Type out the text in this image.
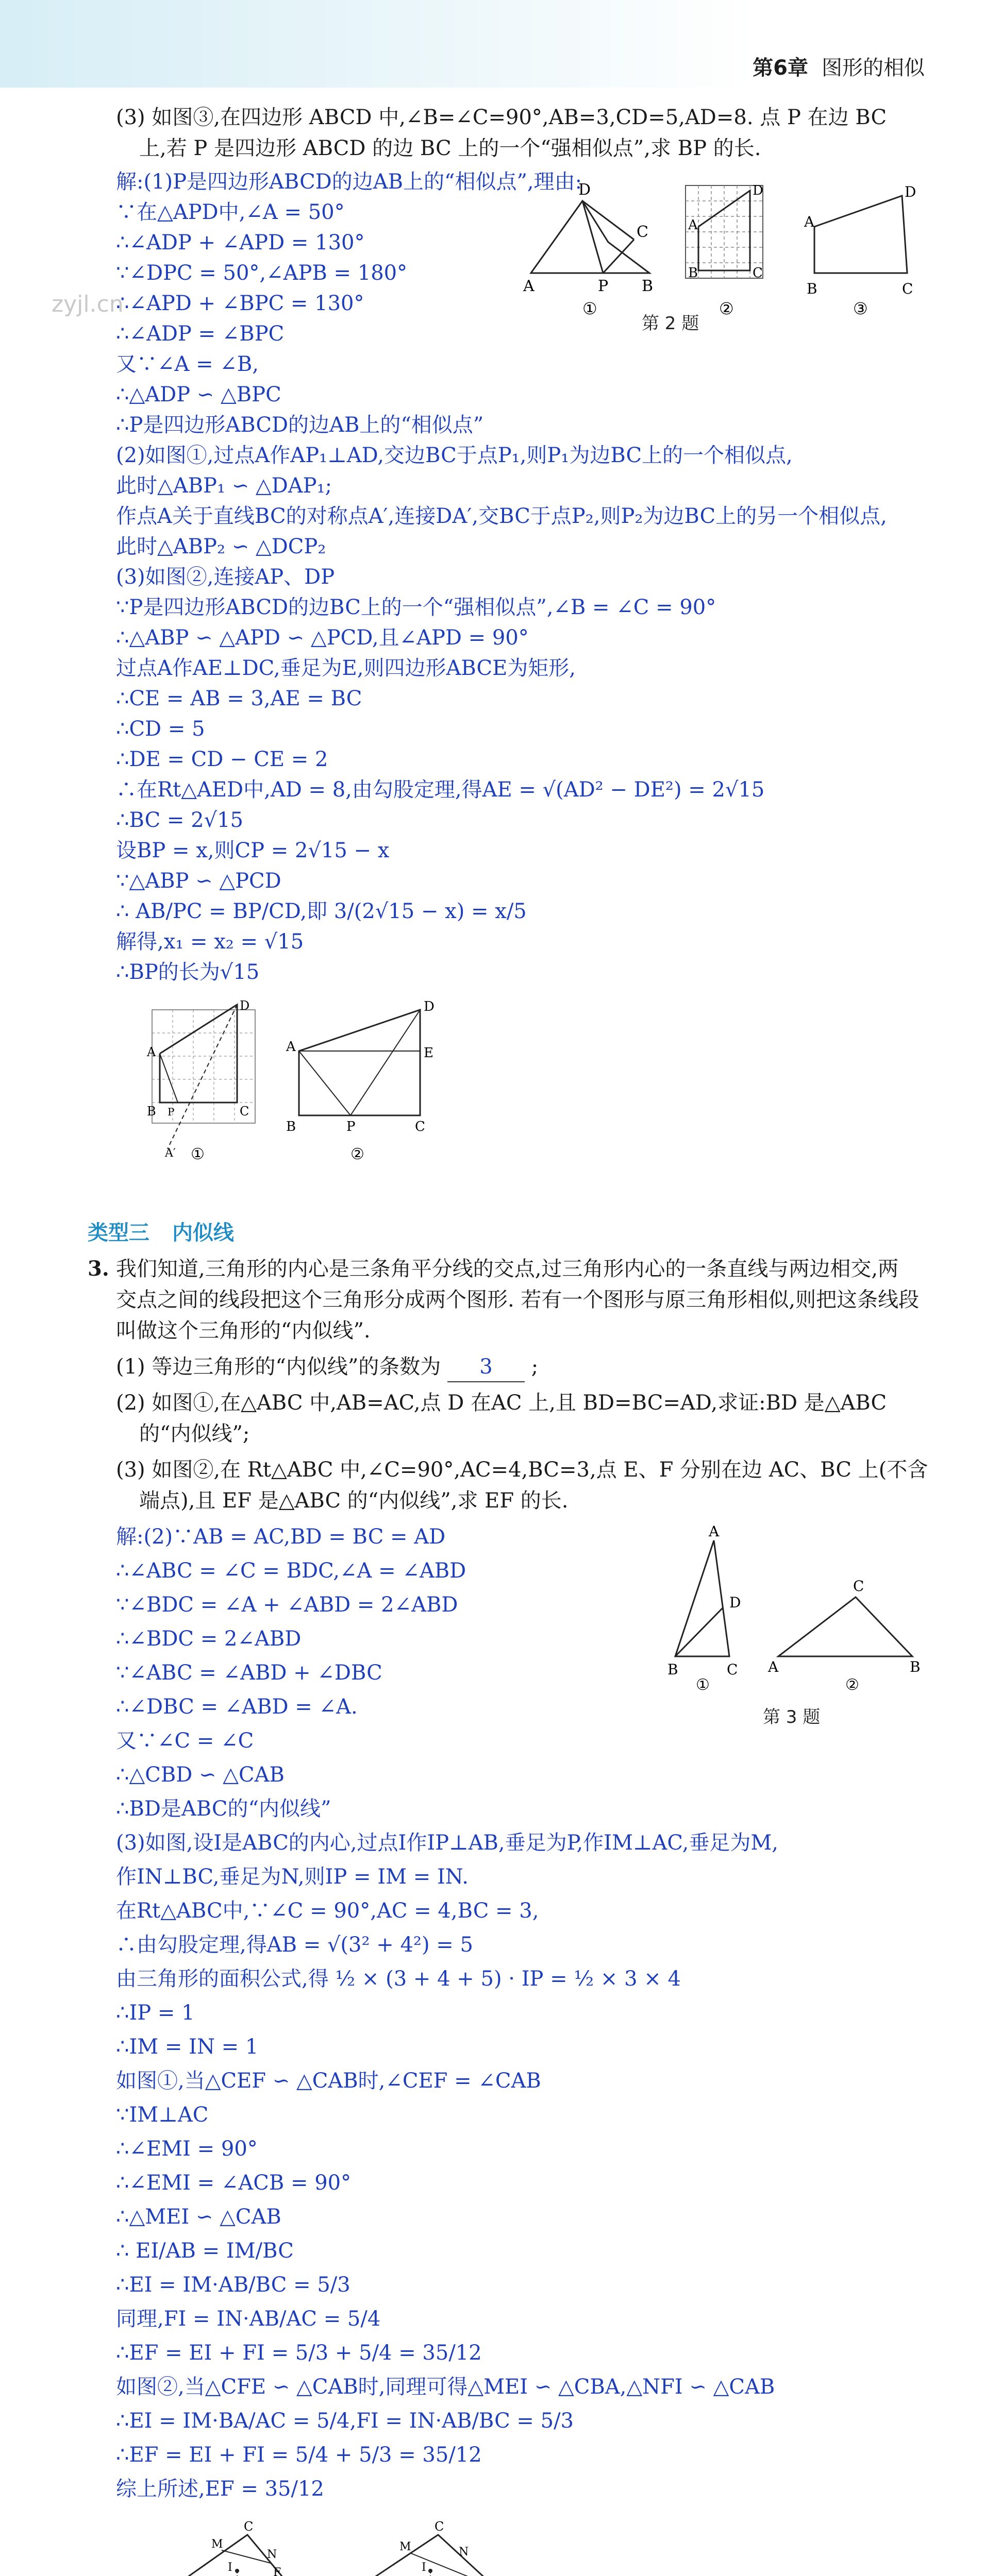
第6章 图形的相似
(3) 如图③,在四边形 ABCD 中,∠B=∠C=90°,AB=3,CD=5,AD=8. 点 P 在边 BC
上,若 P 是四边形 ABCD 的边 BC 上的一个“强相似点”,求 BP 的长.
解:(1)P是四边形ABCD的边AB上的“相似点”,理由:
∵在△APD中,∠A = 50°
∴∠ADP + ∠APD = 130°
∵∠DPC = 50°,∠APB = 180°
∴∠APD + ∠BPC = 130°
∴∠ADP = ∠BPC
又∵∠A = ∠B,
∴△ADP ∽ △BPC
∴P是四边形ABCD的边AB上的“相似点”
(2)如图①,过点A作AP₁⊥AD,交边BC于点P₁,则P₁为边BC上的一个相似点,
此时△ABP₁ ∽ △DAP₁;
作点A关于直线BC的对称点A′,连接DA′,交BC于点P₂,则P₂为边BC上的另一个相似点,
此时△ABP₂ ∽ △DCP₂
(3)如图②,连接AP、DP
∵P是四边形ABCD的边BC上的一个“强相似点”,∠B = ∠C = 90°
∴△ABP ∽ △APD ∽ △PCD,且∠APD = 90°
过点A作AE⊥DC,垂足为E,则四边形ABCE为矩形,
∴CE = AB = 3,AE = BC
∴CD = 5
∴DE = CD − CE = 2
∴在Rt△AED中,AD = 8,由勾股定理,得AE = √(AD² − DE²) = 2√15
∴BC = 2√15
设BP = x,则CP = 2√15 − x
∵△ABP ∽ △PCD
∴ AB/PC = BP/CD,即 3/(2√15 − x) = x/5
解得,x₁ = x₂ = √15
∴BP的长为√15
A	P B
D
C
①
A
B	C
D
②
A
B	C
D
③
第 2 题
A
B P	C
D
A′ ①
A
B	P	C
D
E
②
类型三 内似线
3. 我们知道,三角形的内心是三条角平分线的交点,过三角形内心的一条直线与两边相交,两
交点之间的线段把这个三角形分成两个图形. 若有一个图形与原三角形相似,则把这条线段
叫做这个三角形的“内似线”.
(1) 等边三角形的“内似线”的条数为 3 ;
(2) 如图①,在△ABC 中,AB=AC,点 D 在AC 上,且 BD=BC=AD,求证:BD 是△ABC
的“内似线”;
(3) 如图②,在 Rt△ABC 中,∠C=90°,AC=4,BC=3,点 E、F 分别在边 AC、BC 上(不含
端点),且 EF 是△ABC 的“内似线”,求 EF 的长.
解:(2)∵AB = AC,BD = BC = AD
∴∠ABC = ∠C = BDC,∠A = ∠ABD
∵∠BDC = ∠A + ∠ABD = 2∠ABD
∴∠BDC = 2∠ABD
∵∠ABC = ∠ABD + ∠DBC
∴∠DBC = ∠ABD = ∠A.
又∵∠C = ∠C
∴△CBD ∽ △CAB
∴BD是ABC的“内似线”
(3)如图,设I是ABC的内心,过点I作IP⊥AB,垂足为P,作IM⊥AC,垂足为M,
作IN⊥BC,垂足为N,则IP = IM = IN.
在Rt△ABC中,∵∠C = 90°,AC = 4,BC = 3,
∴由勾股定理,得AB = √(3² + 4²) = 5
由三角形的面积公式,得 ½ × (3 + 4 + 5) · IP = ½ × 3 × 4
∴IP = 1
∴IM = IN = 1
如图①,当△CEF ∽ △CAB时,∠CEF = ∠CAB
∵IM⊥AC
∴∠EMI = 90°
∴∠EMI = ∠ACB = 90°
∴△MEI ∽ △CAB
∴ EI/AB = IM/BC
∴EI = IM·AB/BC = 5/3
同理,FI = IN·AB/AC = 5/4
∴EF = EI + FI = 5/3 + 5/4 = 35/12
如图②,当△CFE ∽ △CAB时,同理可得△MEI ∽ △CBA,△NFI ∽ △CAB
∴EI = IM·BA/AC = 5/4,FI = IN·AB/BC = 5/3
∴EF = EI + FI = 5/4 + 5/3 = 35/12
综上所述,EF = 35/12
A
B	C
D
①
A
C
B
②
第 3 题
C
M
N
F
I
C
M	N
I
zyjl.cn
